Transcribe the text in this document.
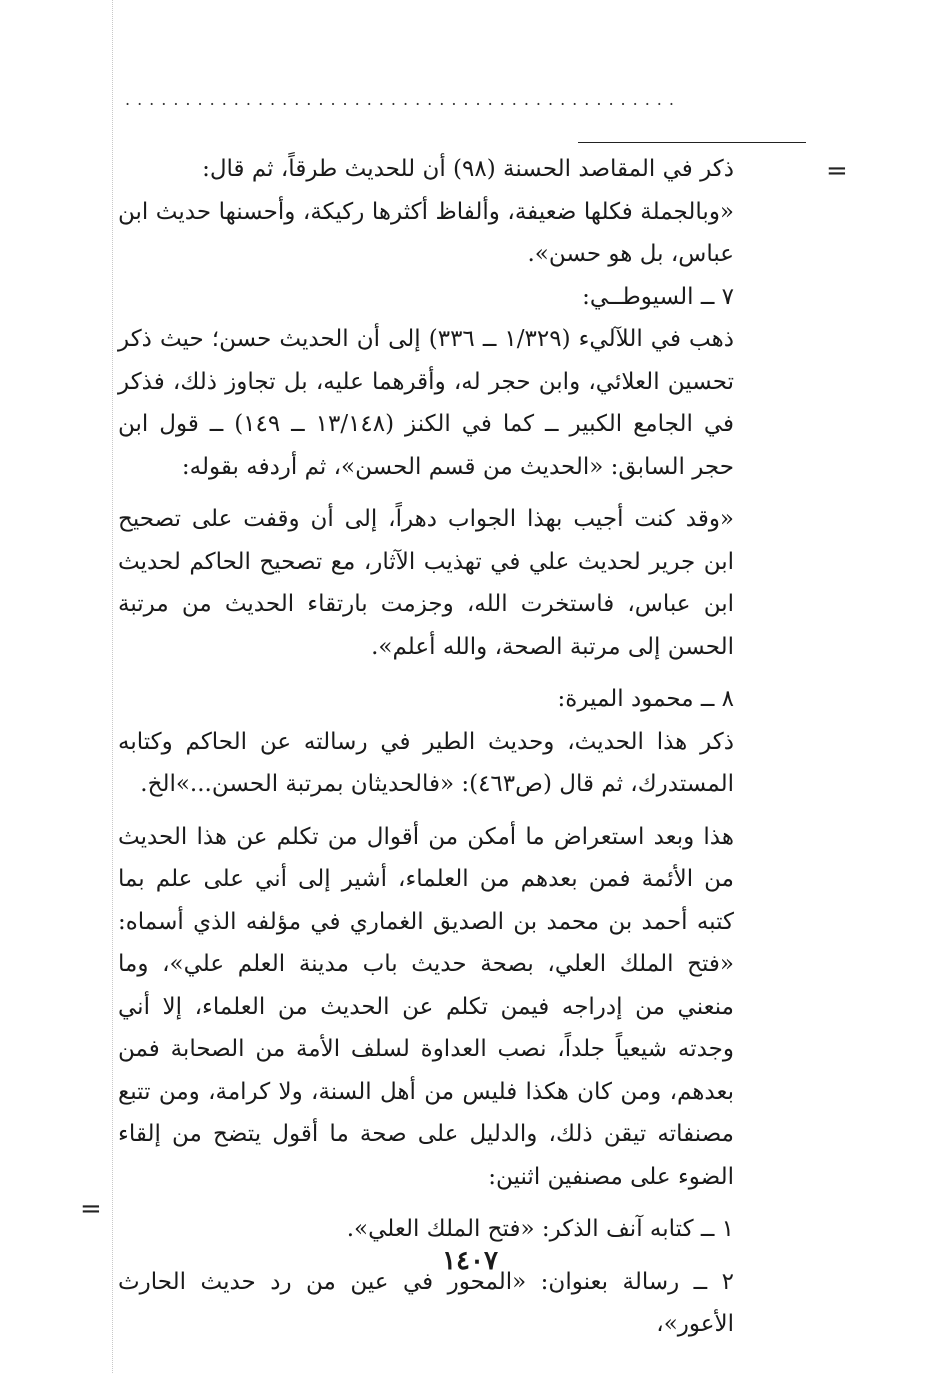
..............................................
=

ذكر في المقاصد الحسنة (٩٨) أن للحديث طرقاً، ثم قال:

«وبالجملة فكلها ضعيفة، وألفاظ أكثرها ركيكة، وأحسنها حديث ابن عباس، بل هو حسن».

٧ ــ السيوطــي:

ذهب في اللآليء (١/٣٢٩ ــ ٣٣٦) إلى أن الحديث حسن؛ حيث ذكر تحسين العلائي، وابن حجر له، وأقرهما عليه، بل تجاوز ذلك، فذكر في الجامع الكبير ــ كما في الكنز (١٣/١٤٨ ــ ١٤٩) ــ قول ابن حجر السابق: «الحديث من قسم الحسن»، ثم أردفه بقوله:

«وقد كنت أجيب بهذا الجواب دهراً، إلى أن وقفت على تصحيح ابن جرير لحديث علي في تهذيب الآثار، مع تصحيح الحاكم لحديث ابن عباس، فاستخرت الله، وجزمت بارتقاء الحديث من مرتبة الحسن إلى مرتبة الصحة، والله أعلم».

٨ ــ محمود الميرة:

ذكر هذا الحديث، وحديث الطير في رسالته عن الحاكم وكتابه المستدرك، ثم قال (ص٤٦٣): «فالحديثان بمرتبة الحسن...»الخ.

هذا وبعد استعراض ما أمكن من أقوال من تكلم عن هذا الحديث من الأئمة فمن بعدهم من العلماء، أشير إلى أني على علم بما كتبه أحمد بن محمد بن الصديق الغماري في مؤلفه الذي أسماه: «فتح الملك العلي، بصحة حديث باب مدينة العلم علي»، وما منعني من إدراجه فيمن تكلم عن الحديث من العلماء، إلا أني وجدته شيعياً جلداً، نصب العداوة لسلف الأمة من الصحابة فمن بعدهم، ومن كان هكذا فليس من أهل السنة، ولا كرامة، ومن تتبع مصنفاته تيقن ذلك، والدليل على صحة ما أقول يتضح من إلقاء الضوء على مصنفين اثنين:

١ ــ كتابه آنف الذكر: «فتح الملك العلي».

٢ ــ رسالة بعنوان: «المحور في عين من رد حديث الحارث الأعور»،

=
١٤٠٧
